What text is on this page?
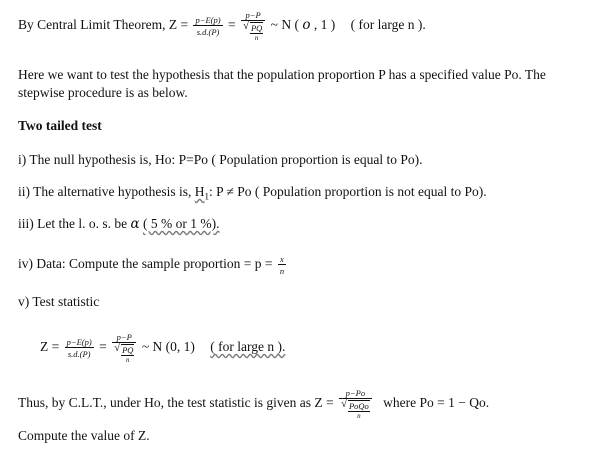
By Central Limit Theorem, $Z = \frac{p-E(p)}{s.d.(P)} = p-P$
√ PQ
n ~ N ( o , 1 ) ( for large n ).
Here we want to test the hypothesis that the population proportion P has a specified value Po. The stepwise procedure is as below.
Two tailed test
i) The null hypothesis is, Ho: P=Po ( Population proportion is equal to Po).
ii) The alternative hypothesis is, $H_1$: P ≠ Po ( Population proportion is not equal to Po).
iii) Let the l. o. s. be α ( 5 % or 1 %).
iv) Data: Compute the sample proportion = $p = \frac{x}{n}$
v) Test statistic
$Z = \frac{p-E(p)}{s.d.(P)} = p-P$
√ PQ
n ~ N (0, 1) ( for large n ).
Thus, by C.L.T., under Ho, the test statistic is given as Z = p−Po
√ PoQo
n where Po = 1 − Qo.
Compute the value of Z.
